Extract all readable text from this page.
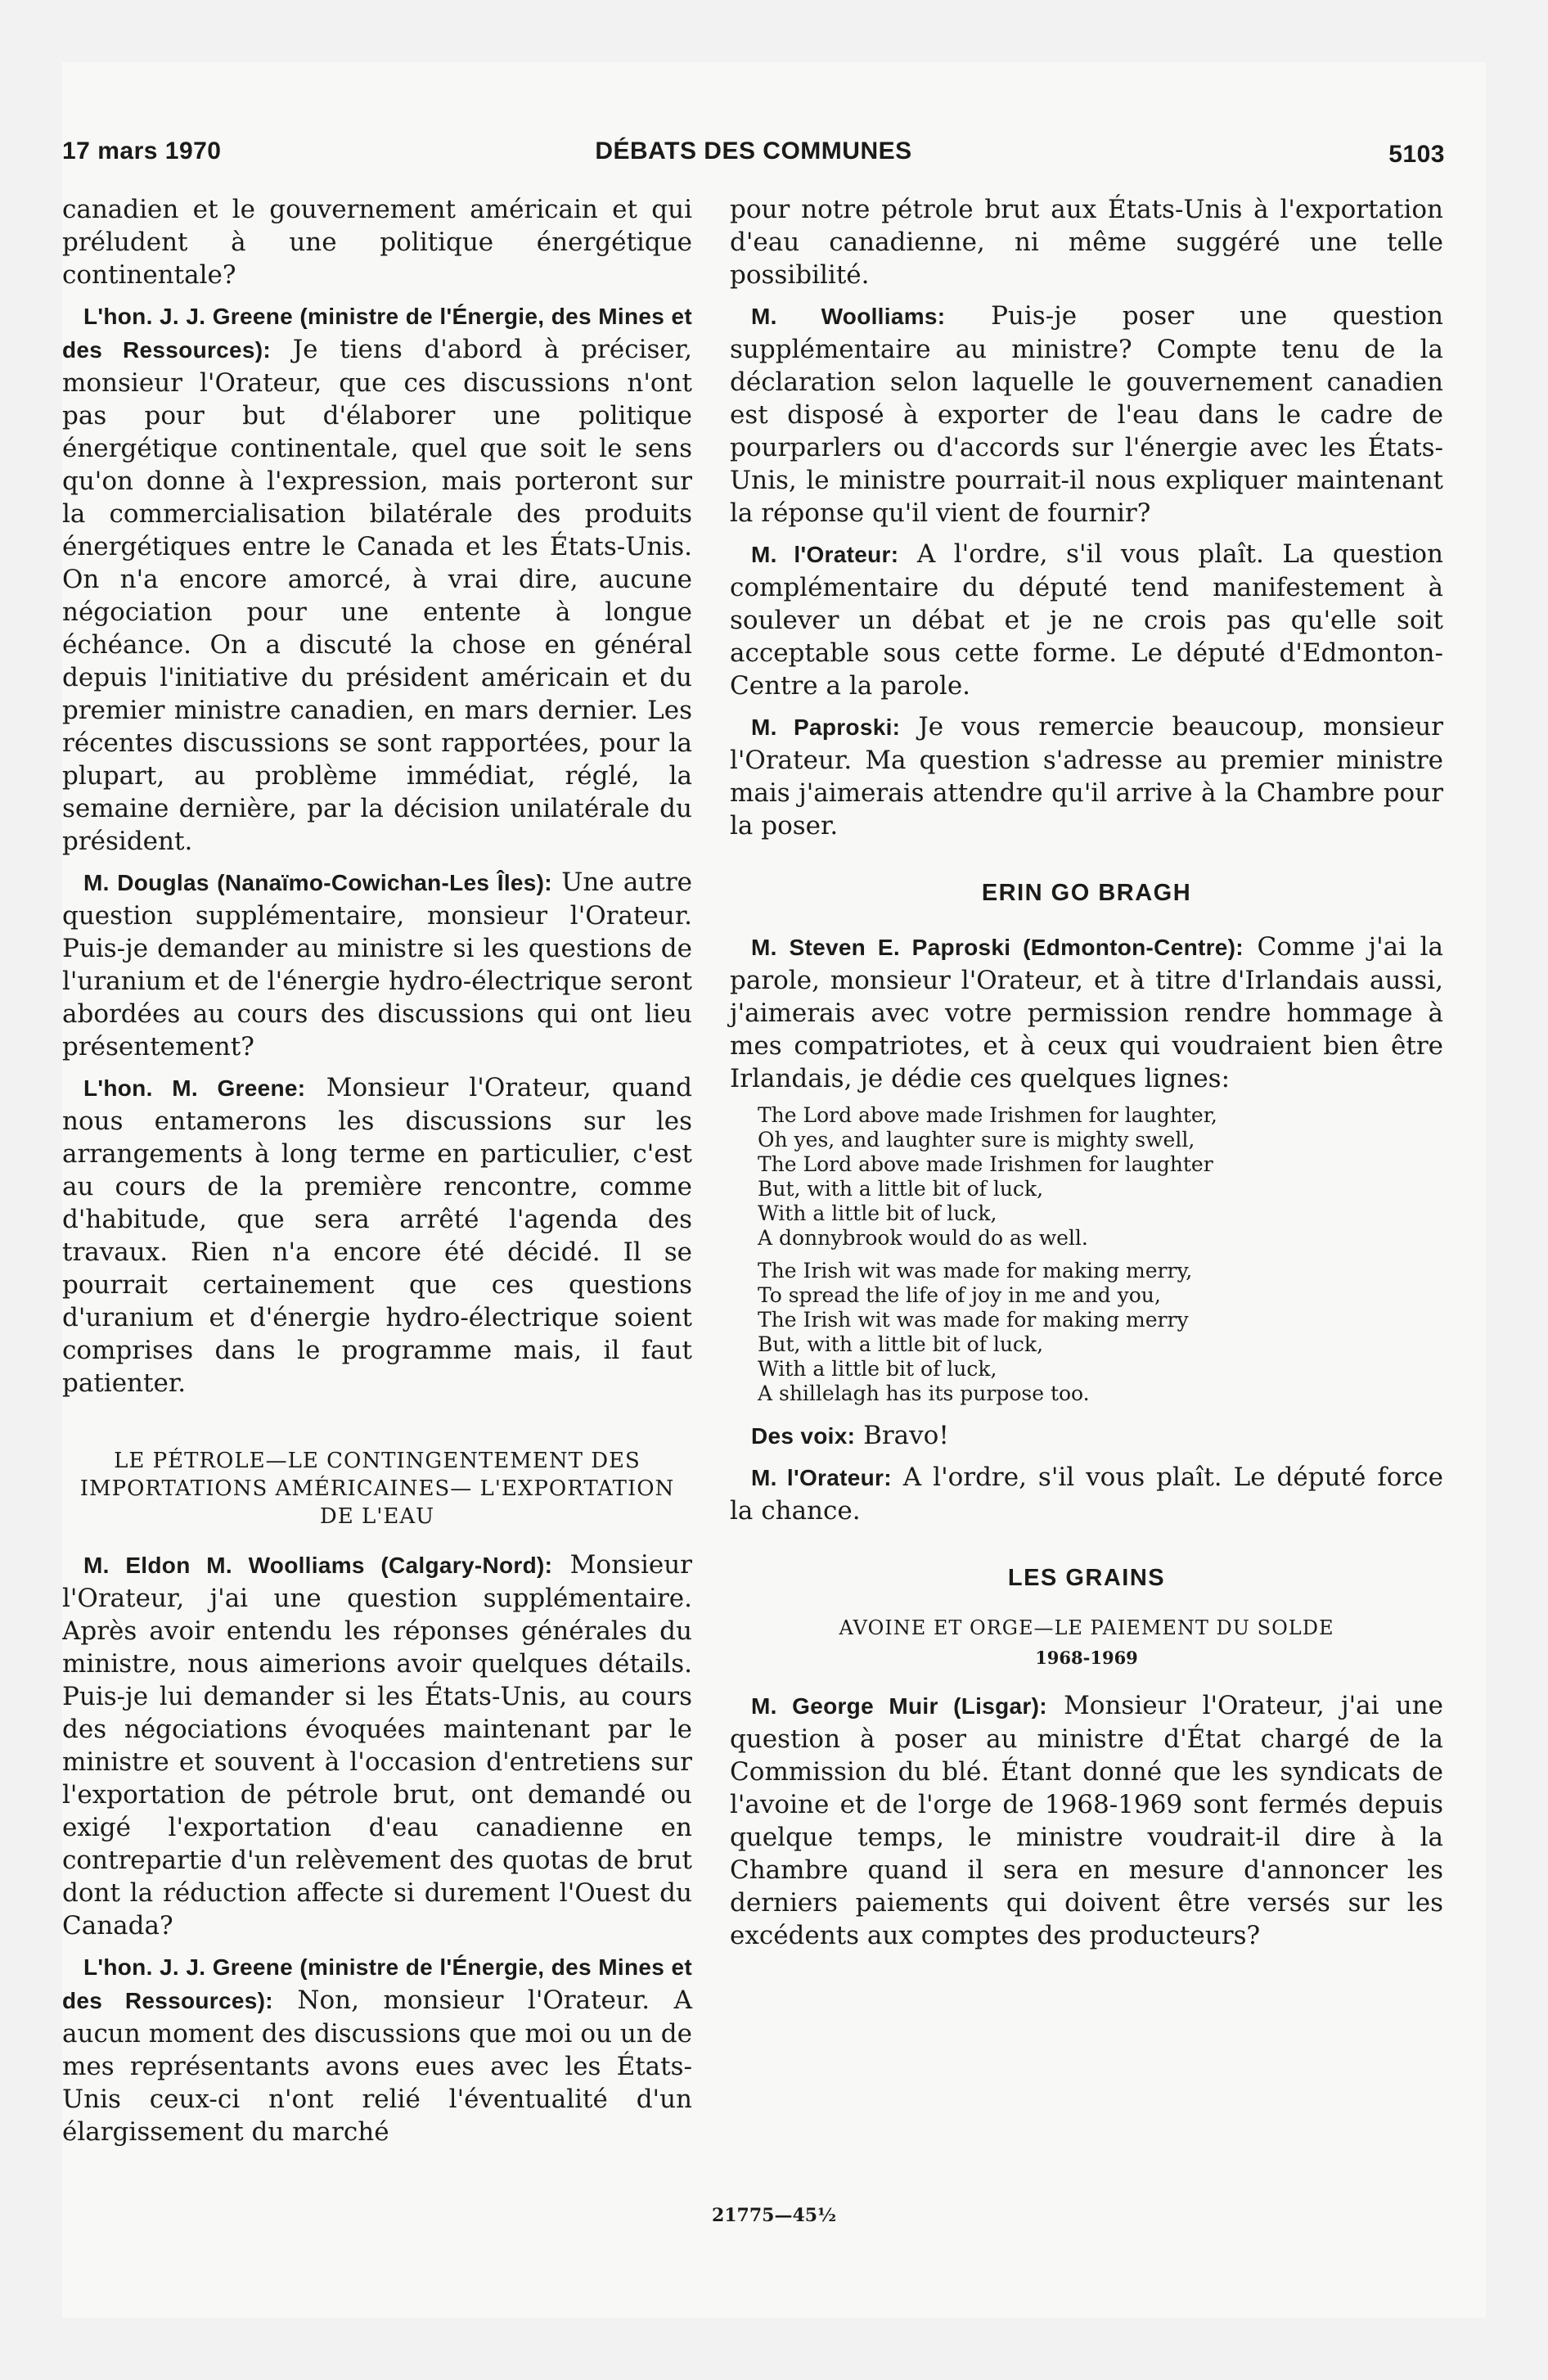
17 mars 1970	DÉBATS DES COMMUNES	5103

canadien et le gouvernement américain et qui préludent à une politique énergétique continentale?

L'hon. J. J. Greene (ministre de l'Énergie, des Mines et des Ressources): Je tiens d'abord à préciser, monsieur l'Orateur, que ces discussions n'ont pas pour but d'élaborer une politique énergétique continentale, quel que soit le sens qu'on donne à l'expression, mais porteront sur la commercialisation bilatérale des produits énergétiques entre le Canada et les États-Unis. On n'a encore amorcé, à vrai dire, aucune négociation pour une entente à longue échéance. On a discuté la chose en général depuis l'initiative du président américain et du premier ministre canadien, en mars dernier. Les récentes discussions se sont rapportées, pour la plupart, au problème immédiat, réglé, la semaine dernière, par la décision unilatérale du président.

M. Douglas (Nanaïmo-Cowichan-Les Îles): Une autre question supplémentaire, monsieur l'Orateur. Puis-je demander au ministre si les questions de l'uranium et de l'énergie hydro-électrique seront abordées au cours des discussions qui ont lieu présentement?

L'hon. M. Greene: Monsieur l'Orateur, quand nous entamerons les discussions sur les arrangements à long terme en particulier, c'est au cours de la première rencontre, comme d'habitude, que sera arrêté l'agenda des travaux. Rien n'a encore été décidé. Il se pourrait certainement que ces questions d'uranium et d'énergie hydro-électrique soient comprises dans le programme mais, il faut patienter.

LE PÉTROLE—LE CONTINGENTEMENT DES IMPORTATIONS AMÉRICAINES— L'EXPORTATION DE L'EAU

M. Eldon M. Woolliams (Calgary-Nord): Monsieur l'Orateur, j'ai une question supplémentaire. Après avoir entendu les réponses générales du ministre, nous aimerions avoir quelques détails. Puis-je lui demander si les États-Unis, au cours des négociations évoquées maintenant par le ministre et souvent à l'occasion d'entretiens sur l'exportation de pétrole brut, ont demandé ou exigé l'exportation d'eau canadienne en contrepartie d'un relèvement des quotas de brut dont la réduction affecte si durement l'Ouest du Canada?

L'hon. J. J. Greene (ministre de l'Énergie, des Mines et des Ressources): Non, monsieur l'Orateur. A aucun moment des discussions que moi ou un de mes représentants avons eues avec les États-Unis ceux-ci n'ont relié l'éventualité d'un élargissement du marché

pour notre pétrole brut aux États-Unis à l'exportation d'eau canadienne, ni même suggéré une telle possibilité.

M. Woolliams: Puis-je poser une question supplémentaire au ministre? Compte tenu de la déclaration selon laquelle le gouvernement canadien est disposé à exporter de l'eau dans le cadre de pourparlers ou d'accords sur l'énergie avec les États-Unis, le ministre pourrait-il nous expliquer maintenant la réponse qu'il vient de fournir?

M. l'Orateur: A l'ordre, s'il vous plaît. La question complémentaire du député tend manifestement à soulever un débat et je ne crois pas qu'elle soit acceptable sous cette forme. Le député d'Edmonton-Centre a la parole.

M. Paproski: Je vous remercie beaucoup, monsieur l'Orateur. Ma question s'adresse au premier ministre mais j'aimerais attendre qu'il arrive à la Chambre pour la poser.

ERIN GO BRAGH

M. Steven E. Paproski (Edmonton-Centre): Comme j'ai la parole, monsieur l'Orateur, et à titre d'Irlandais aussi, j'aimerais avec votre permission rendre hommage à mes compatriotes, et à ceux qui voudraient bien être Irlandais, je dédie ces quelques lignes:

The Lord above made Irishmen for laughter,
Oh yes, and laughter sure is mighty swell,
The Lord above made Irishmen for laughter
But, with a little bit of luck,
With a little bit of luck,
A donnybrook would do as well.
The Irish wit was made for making merry,
To spread the life of joy in me and you,
The Irish wit was made for making merry
But, with a little bit of luck,
With a little bit of luck,
A shillelagh has its purpose too.

Des voix: Bravo!

M. l'Orateur: A l'ordre, s'il vous plaît. Le député force la chance.

LES GRAINS
AVOINE ET ORGE—LE PAIEMENT DU SOLDE
1968-1969

M. George Muir (Lisgar): Monsieur l'Orateur, j'ai une question à poser au ministre d'État chargé de la Commission du blé. Étant donné que les syndicats de l'avoine et de l'orge de 1968-1969 sont fermés depuis quelque temps, le ministre voudrait-il dire à la Chambre quand il sera en mesure d'annoncer les derniers paiements qui doivent être versés sur les excédents aux comptes des producteurs?

21775—45½
